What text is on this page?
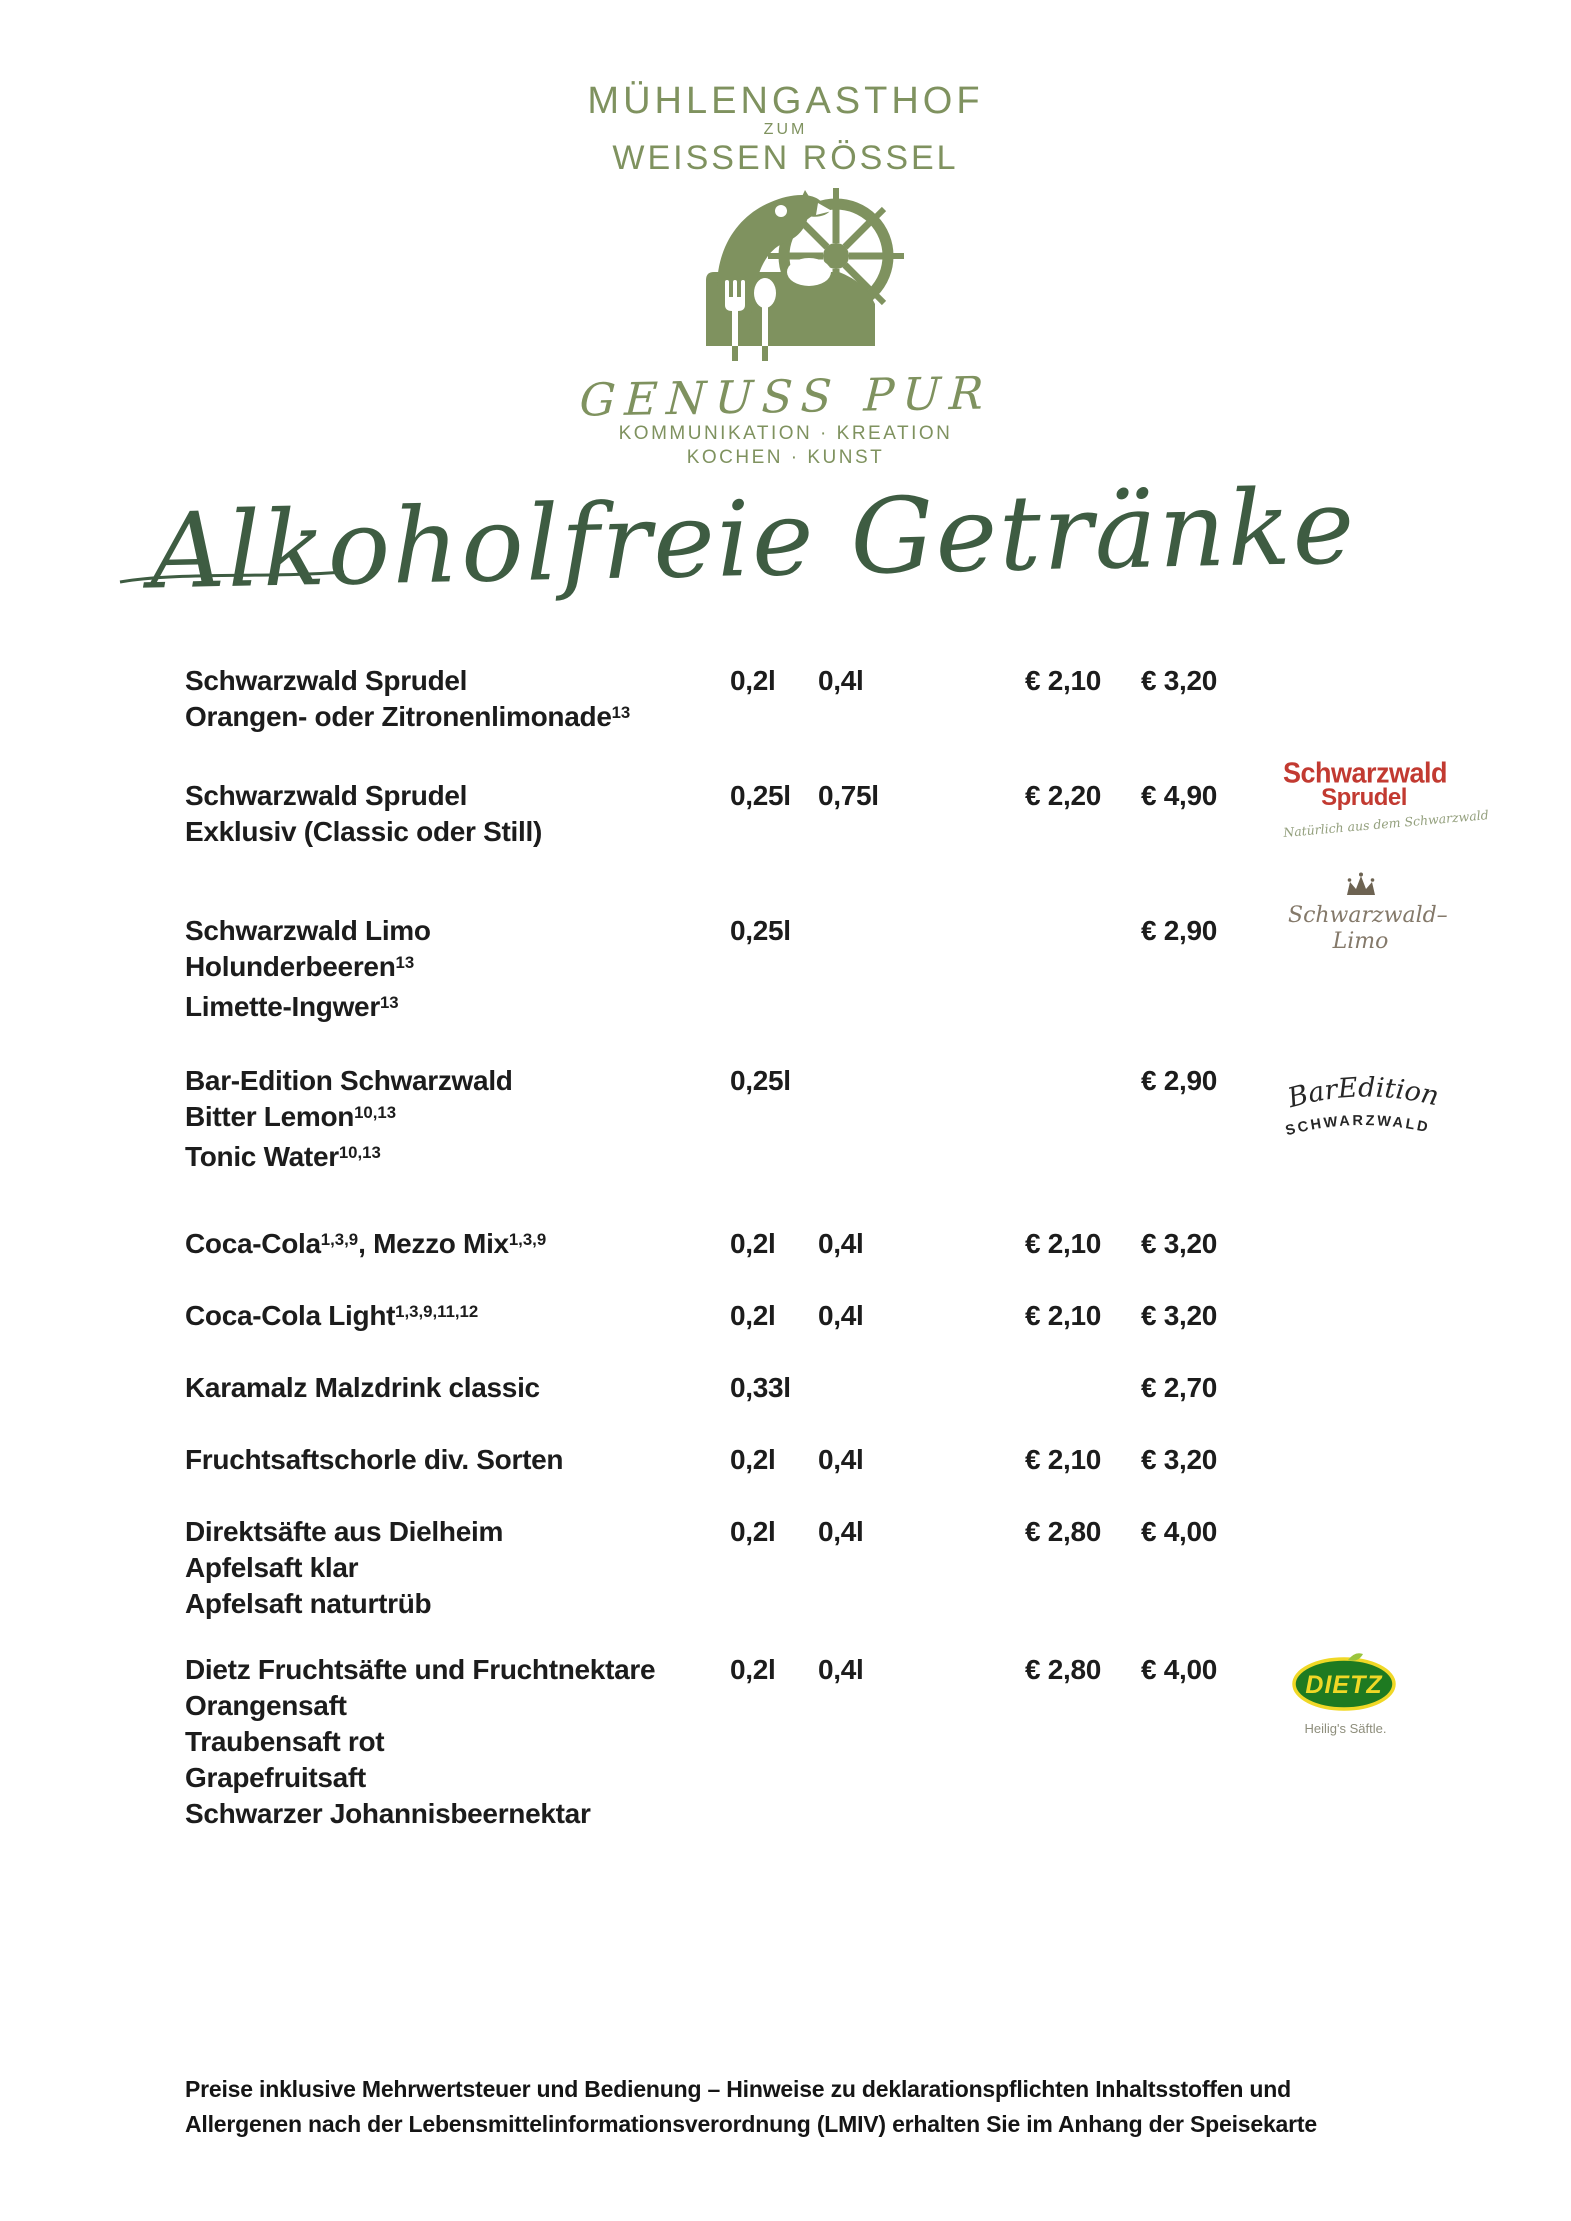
MÜHLENGASTHOF
ZUM
WEISSEN RÖSSEL
GENUSS PUR
KOMMUNIKATION · KREATION
KOCHEN · KUNST
Alkoholfreie Getränke
Schwarzwald Sprudel
Orangen- oder Zitronenlimonade$^{13}$
0,2l 0,4l	€ 2,10 € 3,20
Schwarzwald Sprudel
Exklusiv (Classic oder Still)
0,25l 0,75l	€ 2,20 € 4,90
Schwarzwald Limo
Holunderbeeren$^{13}$
Limette-Ingwer$^{13}$
0,25l	€ 2,90
Bar-Edition Schwarzwald
Bitter Lemon$^{10,13}$
Tonic Water$^{10,13}$
0,25l	€ 2,90
Coca-Cola$^{1,3,9}$, Mezzo Mix$^{1,3,9}$	0,2l 0,4l	€ 2,10 € 3,20
Coca-Cola Light$^{1,3,9,11,12}$	0,2l 0,4l	€ 2,10 € 3,20
Karamalz Malzdrink classic	0,33l	€ 2,70
Fruchtsaftschorle div. Sorten	0,2l 0,4l	€ 2,10 € 3,20
Direktsäfte aus Dielheim
Apfelsaft klar
Apfelsaft naturtrüb
0,2l 0,4l	€ 2,80 € 4,00
Dietz Fruchtsäfte und Fruchtnektare
Orangensaft
Traubensaft rot
Grapefruitsaft
Schwarzer Johannisbeernektar
0,2l 0,4l	€ 2,80 € 4,00
Schwarzwald
Sprudel
Natürlich aus dem Schwarzwald
Schwarzwald–
Limo
BarEdition
SCHWARZWALD
DIETZ
Heilig's Säftle.
Preise inklusive Mehrwertsteuer und Bedienung – Hinweise zu deklarationspflichten Inhaltsstoffen und Allergenen nach der Lebensmittelinformationsverordnung (LMIV) erhalten Sie im Anhang der Speisekarte
